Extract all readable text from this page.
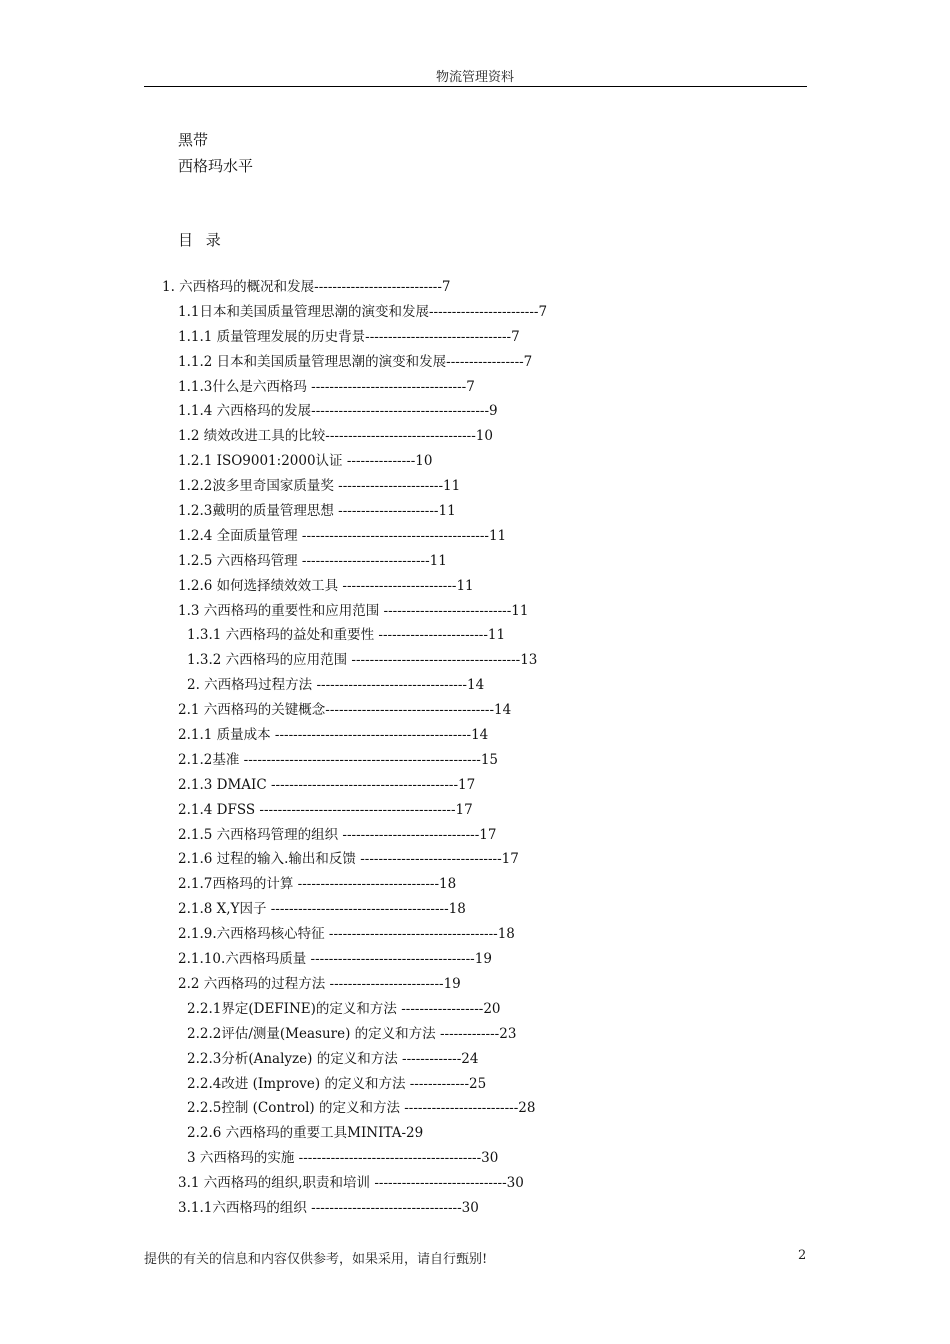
物流管理资料
黑带
西格玛水平
目 录
1. 六西格玛的概况和发展----------------------------7
1.1日本和美国质量管理思潮的演变和发展------------------------7
1.1.1 质量管理发展的历史背景--------------------------------7
1.1.2 日本和美国质量管理思潮的演变和发展-----------------7
1.1.3什么是六西格玛 ----------------------------------7
1.1.4 六西格玛的发展---------------------------------------9
1.2 绩效改进工具的比较---------------------------------10
1.2.1 ISO9001:2000认证 ---------------10
1.2.2波多里奇国家质量奖 -----------------------11
1.2.3戴明的质量管理思想 ----------------------11
1.2.4 全面质量管理 -----------------------------------------11
1.2.5 六西格玛管理 ----------------------------11
1.2.6 如何选择绩效效工具 -------------------------11
1.3 六西格玛的重要性和应用范围 ----------------------------11
1.3.1 六西格玛的益处和重要性 ------------------------11
1.3.2 六西格玛的应用范围 -------------------------------------13
2. 六西格玛过程方法 ---------------------------------14
2.1 六西格玛的关键概念-------------------------------------14
2.1.1 质量成本 -------------------------------------------14
2.1.2基准 ----------------------------------------------------15
2.1.3 DMAIC -----------------------------------------17
2.1.4 DFSS -------------------------------------------17
2.1.5 六西格玛管理的组织 ------------------------------17
2.1.6 过程的输入.输出和反馈 -------------------------------17
2.1.7西格玛的计算 -------------------------------18
2.1.8 X,Y因子 ---------------------------------------18
2.1.9.六西格玛核心特征 -------------------------------------18
2.1.10.六西格玛质量 ------------------------------------19
2.2 六西格玛的过程方法 -------------------------19
2.2.1界定(DEFINE)的定义和方法 ------------------20
2.2.2评估/测量(Measure) 的定义和方法 -------------23
2.2.3分析(Analyze) 的定义和方法 -------------24
2.2.4改进 (Improve) 的定义和方法 -------------25
2.2.5控制 (Control) 的定义和方法 -------------------------28
2.2.6 六西格玛的重要工具MINITA-29
3 六西格玛的实施 ----------------------------------------30
3.1 六西格玛的组织,职责和培训 -----------------------------30
3.1.1六西格玛的组织 ---------------------------------30
提供的有关的信息和内容仅供参考，如果采用，请自行甄别!	2
